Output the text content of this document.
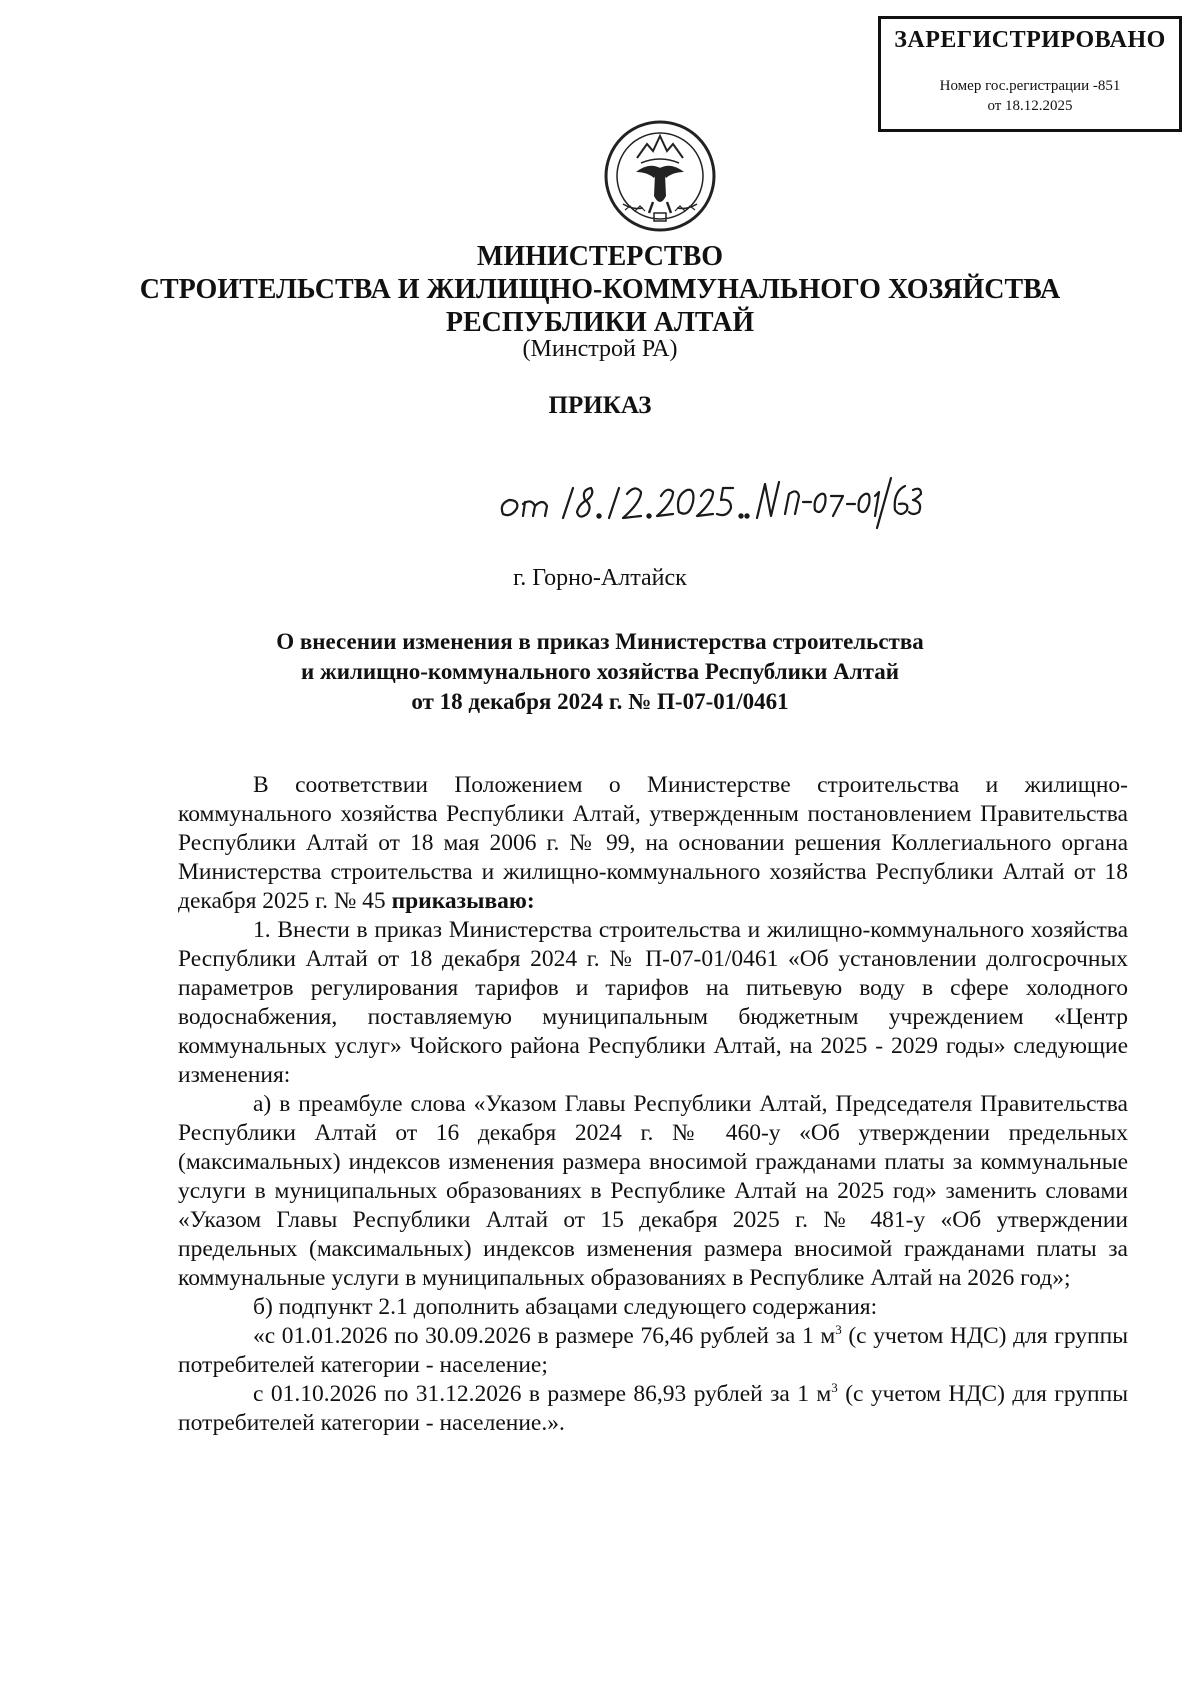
ЗАРЕГИСТРИРОВАНО
Номер гос.регистрации -851
от 18.12.2025
МИНИСТЕРСТВО
СТРОИТЕЛЬСТВА И ЖИЛИЩНО-КОММУНАЛЬНОГО ХОЗЯЙСТВА
РЕСПУБЛИКИ АЛТАЙ
(Минстрой РА)
ПРИКАЗ
г. Горно-Алтайск
О внесении изменения в приказ Министерства строительства
и жилищно-коммунального хозяйства Республики Алтай
от 18 декабря 2024 г. № П-07-01/0461

В соответствии Положением о Министерстве строительства и жилищно-коммунального хозяйства Республики Алтай, утвержденным постановлением Правительства Республики Алтай от 18 мая 2006 г. № 99, на основании решения Коллегиального органа Министерства строительства и жилищно-коммунального хозяйства Республики Алтай от 18 декабря 2025 г. № 45 приказываю:

1. Внести в приказ Министерства строительства и жилищно-коммунального хозяйства Республики Алтай от 18 декабря 2024 г. № П-07-01/0461 «Об установлении долгосрочных параметров регулирования тарифов и тарифов на питьевую воду в сфере холодного водоснабжения, поставляемую муниципальным бюджетным учреждением «Центр коммунальных услуг» Чойского района Республики Алтай, на 2025 - 2029 годы» следующие изменения:

а) в преамбуле слова «Указом Главы Республики Алтай, Председателя Правительства Республики Алтай от 16 декабря 2024 г. № 460-у «Об утверждении предельных (максимальных) индексов изменения размера вносимой гражданами платы за коммунальные услуги в муниципальных образованиях в Республике Алтай на 2025 год» заменить словами «Указом Главы Республики Алтай от 15 декабря 2025 г. № 481-у «Об утверждении предельных (максимальных) индексов изменения размера вносимой гражданами платы за коммунальные услуги в муниципальных образованиях в Республике Алтай на 2026 год»;

б) подпункт 2.1 дополнить абзацами следующего содержания:

«с 01.01.2026 по 30.09.2026 в размере 76,46 рублей за 1 $м^3$ (с учетом НДС) для группы потребителей категории - население;

с 01.10.2026 по 31.12.2026 в размере 86,93 рублей за 1 $м^3$ (с учетом НДС) для группы потребителей категории - население.».
